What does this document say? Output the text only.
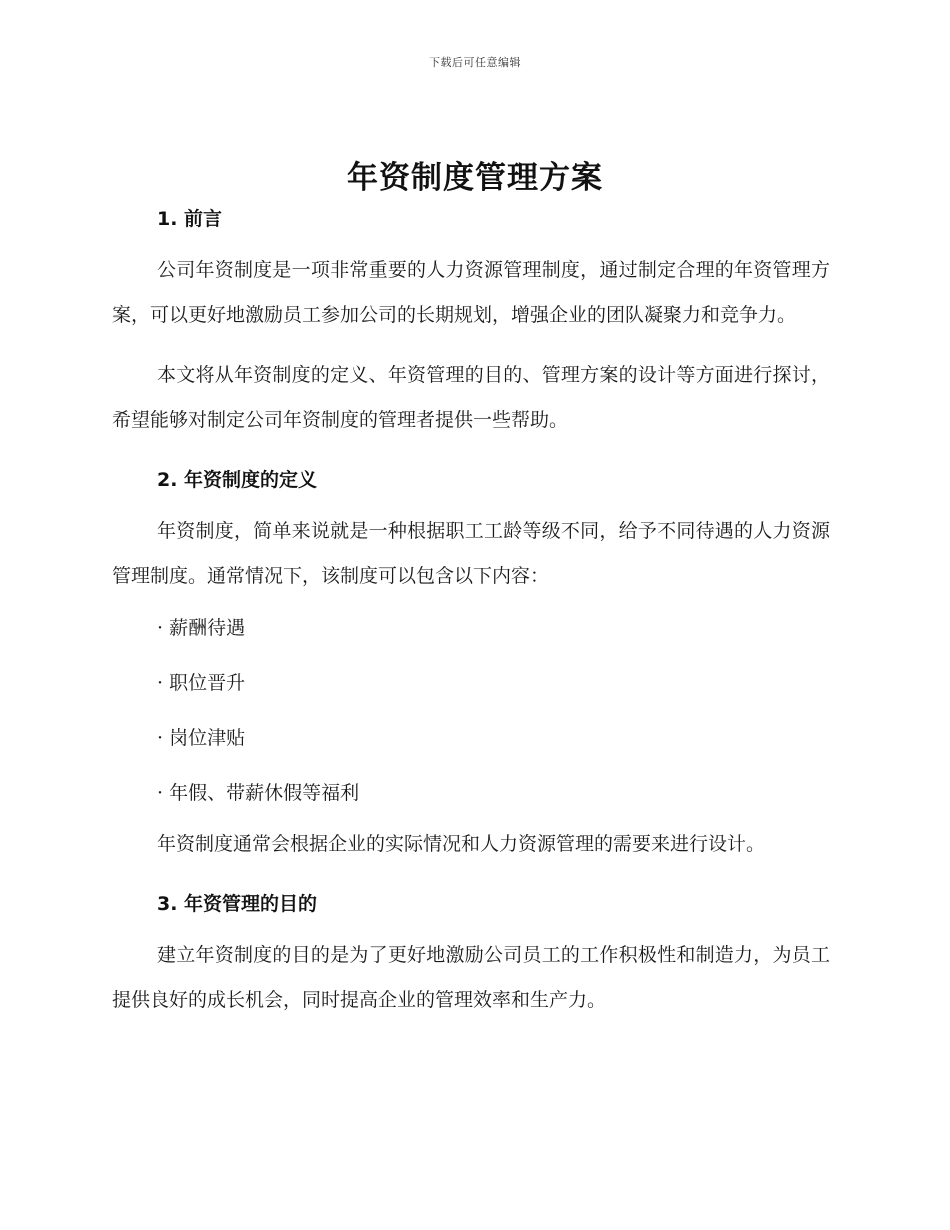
下载后可任意编辑
年资制度管理方案
1. 前言

公司年资制度是一项非常重要的人力资源管理制度，通过制定合理的年资管理方案，可以更好地激励员工参加公司的长期规划，增强企业的团队凝聚力和竞争力。

本文将从年资制度的定义、年资管理的目的、管理方案的设计等方面进行探讨，希望能够对制定公司年资制度的管理者提供一些帮助。

2. 年资制度的定义

年资制度，简单来说就是一种根据职工工龄等级不同，给予不同待遇的人力资源管理制度。通常情况下，该制度可以包含以下内容：

· 薪酬待遇
· 职位晋升
· 岗位津贴
· 年假、带薪休假等福利

年资制度通常会根据企业的实际情况和人力资源管理的需要来进行设计。

3. 年资管理的目的

建立年资制度的目的是为了更好地激励公司员工的工作积极性和制造力，为员工提供良好的成长机会，同时提高企业的管理效率和生产力。
